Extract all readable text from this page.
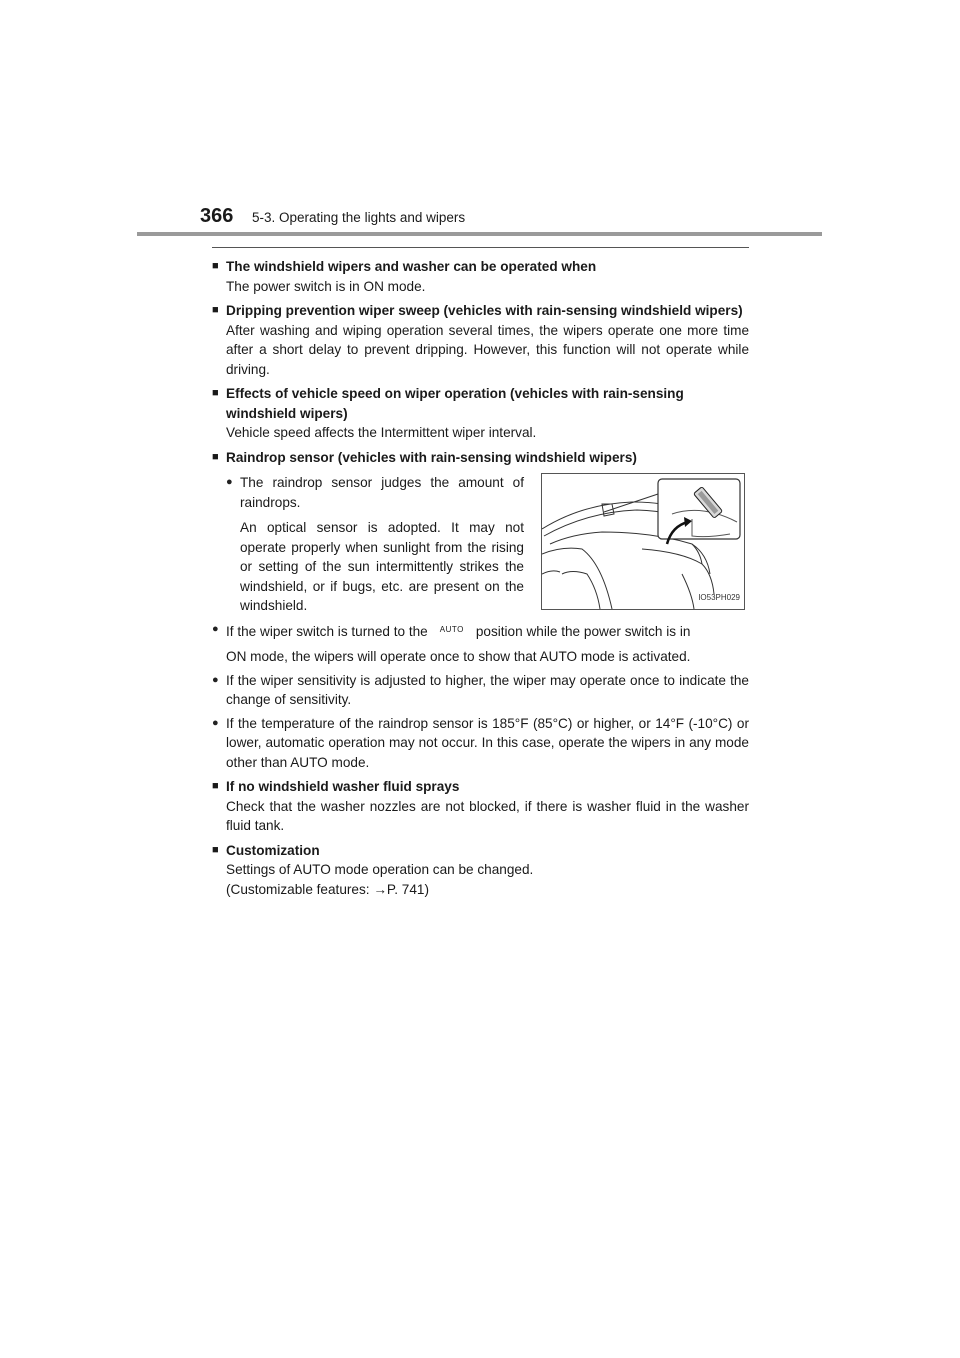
366 5-3. Operating the lights and wipers
■ The windshield wipers and washer can be operated when
The power switch is in ON mode.
■ Dripping prevention wiper sweep (vehicles with rain-sensing windshield wipers)
After washing and wiping operation several times, the wipers operate one more time after a short delay to prevent dripping. However, this function will not operate while driving.
■ Effects of vehicle speed on wiper operation (vehicles with rain-sensing windshield wipers)
Vehicle speed affects the Intermittent wiper interval.
■ Raindrop sensor (vehicles with rain-sensing windshield wipers)
● The raindrop sensor judges the amount of raindrops.

An optical sensor is adopted. It may not operate properly when sunlight from the rising or setting of the sun intermittently strikes the windshield, or if bugs, etc. are present on the windshield.

IO53PH029
● If the wiper switch is turned to the AUTO position while the power switch is in

ON mode, the wipers will operate once to show that AUTO mode is activated.

● If the wiper sensitivity is adjusted to higher, the wiper may operate once to indicate the change of sensitivity.
● If the temperature of the raindrop sensor is 185°F (85°C) or higher, or 14°F (-10°C) or lower, automatic operation may not occur. In this case, operate the wipers in any mode other than AUTO mode.
■ If no windshield washer fluid sprays
Check that the washer nozzles are not blocked, if there is washer fluid in the washer fluid tank.
■ Customization
Settings of AUTO mode operation can be changed.
(Customizable features: →P. 741)
